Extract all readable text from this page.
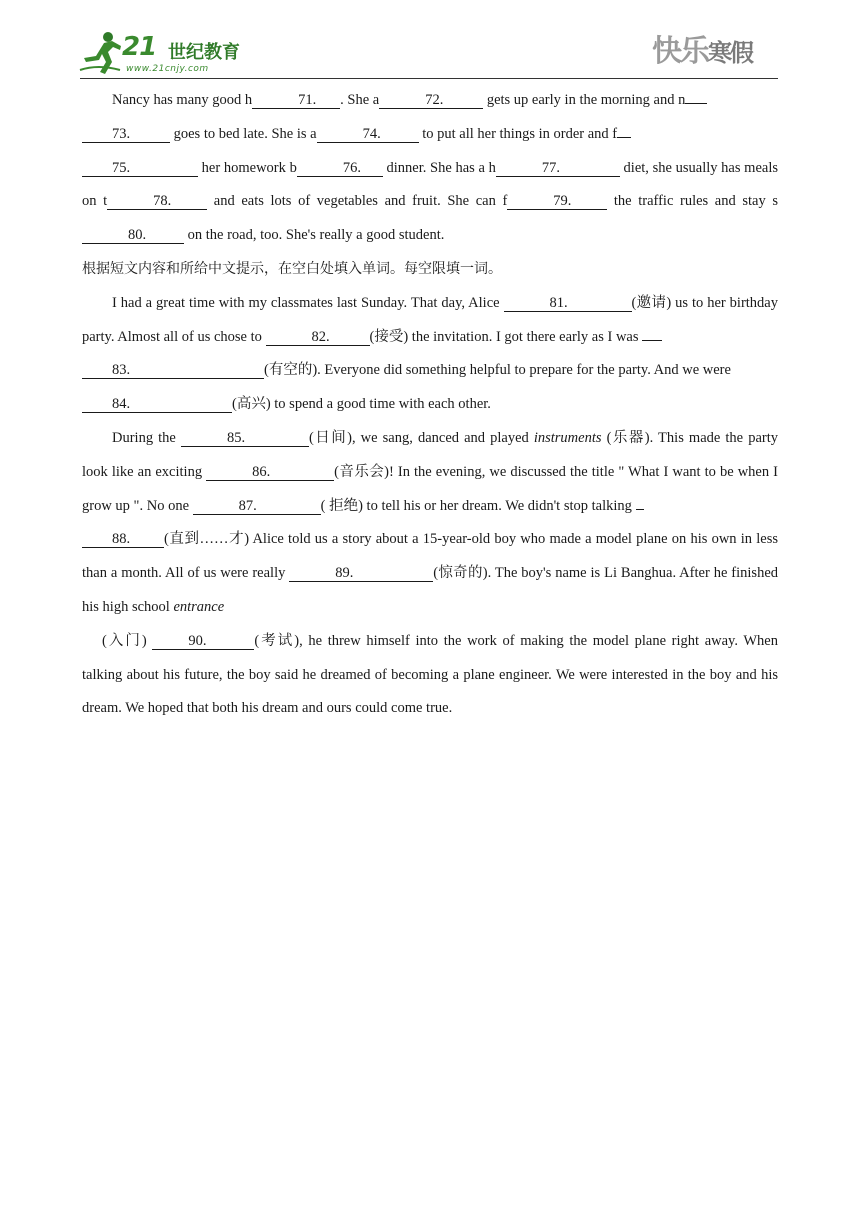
21 世纪教育
www.21cnjy.com	快乐寒假

Nancy has many good h	71. . She a	72.	gets up early in the morning and n
73.	goes to bed late. She is a	74.	to put all her things in order and f
75.	her homework b	76. dinner. She has a h	77.	diet, she usually has meals on t	78. and eats lots of vegetables and fruit. She can f	79. the traffic rules and stay s80.	on the road, too. She's really a good student.

根据短文内容和所给中文提示，在空白处填入单词。每空限填一词。

I had a great time with my classmates last Sunday. That day, Alice	81.	(邀请) us to her birthday party. Almost all of us chose to	82.	(接受) the invitation. I got there early as I was
83.	(有空的). Everyone did something helpful to prepare for the party. And we were
84.	(高兴) to spend a good time with each other.

During the	85.	(日间), we sang, danced and played instruments (乐器). This made the party look like an exciting	86.	(音乐会)! In the evening, we discussed the title " What I want to be when I grow up ". No one	87.	( 拒绝) to tell his or her dream. We didn't stop talking
88. (直到……才) Alice told us a story about a 15-year-old boy who made a model plane on his own in less than a month. All of us were really	89.	(惊奇的). The boy's name is Li Banghua. After he finished his high school entrance

(入门) 90.	(考试), he threw himself into the work of making the model plane right away. When talking about his future, the boy said he dreamed of becoming a plane engineer. We were interested in the boy and his dream. We hoped that both his dream and ours could come true.
